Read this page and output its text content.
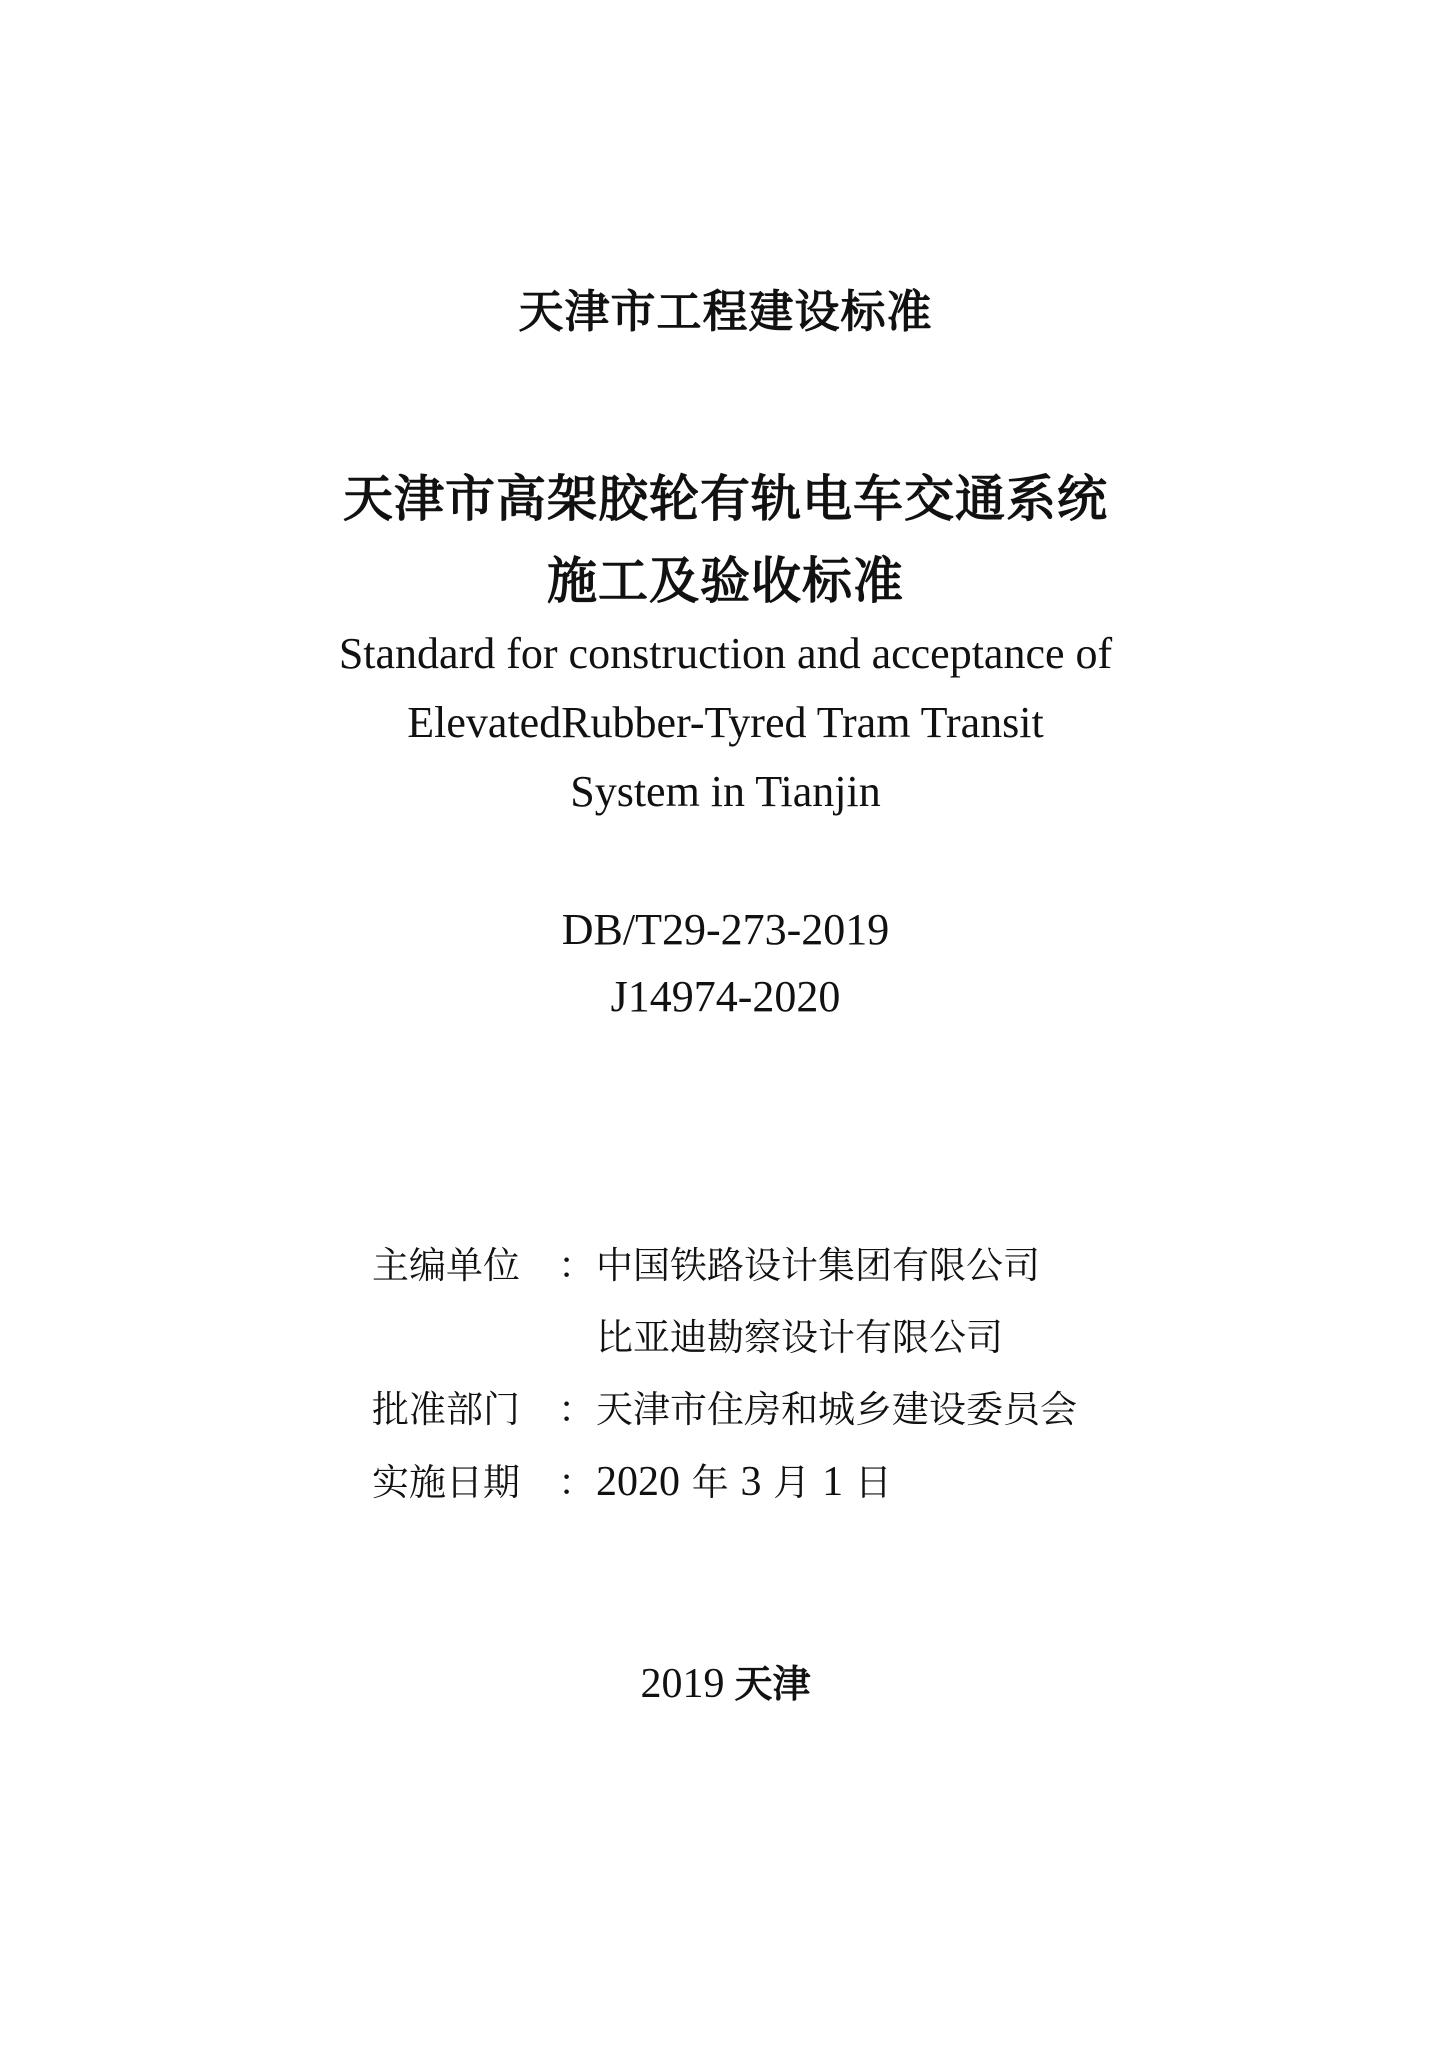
天津市工程建设标准
天津市高架胶轮有轨电车交通系统
施工及验收标准
Standard for construction and acceptance of
ElevatedRubber-Tyred Tram Transit
System in Tianjin
DB/T29-273-2019
J14974-2020
主编单位 ：中国铁路设计集团有限公司
比亚迪勘察设计有限公司
批准部门 ：天津市住房和城乡建设委员会
实施日期 ：2020 年 3 月 1 日
2019 天津
